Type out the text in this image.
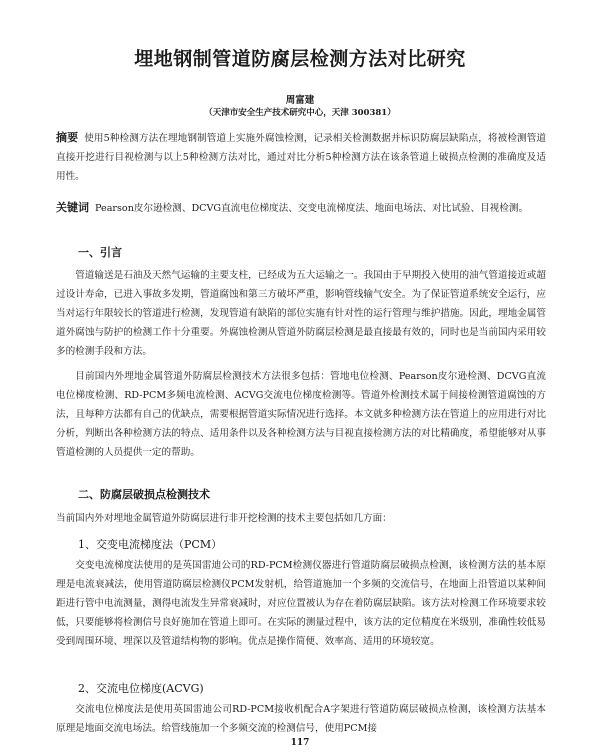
埋地钢制管道防腐层检测方法对比研究
周富建
（天津市安全生产技术研究中心，天津 300381）
摘要 使用5种检测方法在埋地钢制管道上实施外腐蚀检测，记录相关检测数据并标识防腐层缺陷点，将被检测管道直接开挖进行目视检测与以上5种检测方法对比，通过对比分析5种检测方法在该条管道上破损点检测的准确度及适用性。
关键词 Pearson皮尔逊检测、DCVG直流电位梯度法、交变电流梯度法、地面电场法、对比试验、目视检测。
一、引言

管道输送是石油及天然气运输的主要支柱，已经成为五大运输之一。我国由于早期投入使用的油气管道接近或超过设计寿命，已进入事故多发期，管道腐蚀和第三方破坏严重，影响管线输气安全。为了保证管道系统安全运行，应当对运行年限较长的管道进行检测，发现管道有缺陷的部位实施有针对性的运行管理与维护措施。因此，埋地金属管道外腐蚀与防护的检测工作十分重要。外腐蚀检测从管道外防腐层检测是最直接最有效的，同时也是当前国内采用较多的检测手段和方法。

目前国内外埋地金属管道外防腐层检测技术方法很多包括：管地电位检测、Pearson皮尔逊检测、DCVG直流电位梯度检测、RD-PCM多频电流检测、ACVG交流电位梯度检测等。管道外检测技术属于间接检测管道腐蚀的方法，且每种方法都有自己的优缺点，需要根据管道实际情况进行选择。本文就多种检测方法在管道上的应用进行对比分析，判断出各种检测方法的特点、适用条件以及各种检测方法与目视直接检测方法的对比精确度，希望能够对从事管道检测的人员提供一定的帮助。

二、防腐层破损点检测技术
当前国内外对埋地金属管道外防腐层进行非开挖检测的技术主要包括如几方面：
1、交变电流梯度法（PCM）

交变电流梯度法使用的是英国雷迪公司的RD-PCM检测仪器进行管道防腐层破损点检测，该检测方法的基本原理是电流衰减法，使用管道防腐层检测仪PCM发射机，给管道施加一个多频的交流信号，在地面上沿管道以某种间距进行管中电流测量，测得电流发生异常衰减时，对应位置被认为存在着防腐层缺陷。该方法对检测工作环境要求较低，只要能够将检测信号良好施加在管道上即可。在实际的测量过程中，该方法的定位精度在米级别，准确性较低易受到周围环境、埋深以及管道结构物的影响。优点是操作简便、效率高、适用的环境较宽。

2、交流电位梯度(ACVG)

交流电位梯度法是使用英国雷迪公司RD-PCM接收机配合A字架进行管道防腐层破损点检测，该检测方法基本原理是地面交流电场法。给管线施加一个多频交流的检测信号，使用PCM接

117
